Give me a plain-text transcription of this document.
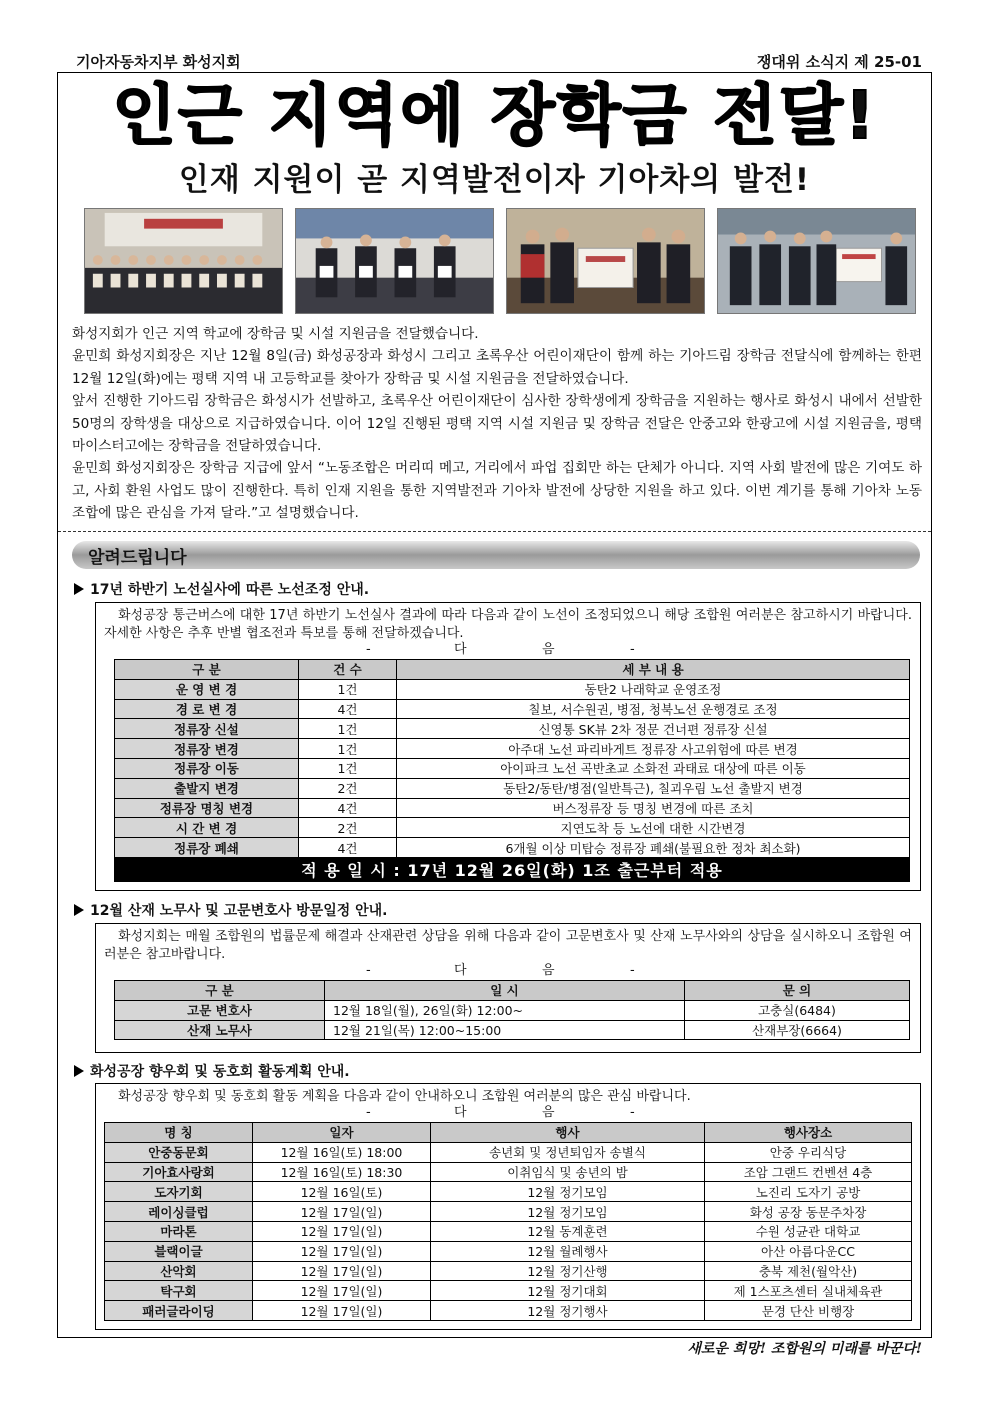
기아자동차지부 화성지회	쟁대위 소식지 제 25-01
인근 지역에 장학금 전달!
인재 지원이 곧 지역발전이자 기아차의 발전!

화성지회가 인근 지역 학교에 장학금 및 시설 지원금을 전달했습니다.

윤민희 화성지회장은 지난 12월 8일(금) 화성공장과 화성시 그리고 초록우산 어린이재단이 함께 하는 기아드림 장학금 전달식에 함께하는 한편 12월 12일(화)에는 평택 지역 내 고등학교를 찾아가 장학금 및 시설 지원금을 전달하였습니다.

앞서 진행한 기아드림 장학금은 화성시가 선발하고, 초록우산 어린이재단이 심사한 장학생에게 장학금을 지원하는 행사로 화성시 내에서 선발한 50명의 장학생을 대상으로 지급하였습니다. 이어 12일 진행된 평택 지역 시설 지원금 및 장학금 전달은 안중고와 한광고에 시설 지원금을, 평택 마이스터고에는 장학금을 전달하였습니다.

윤민희 화성지회장은 장학금 지급에 앞서 “노동조합은 머리띠 메고, 거리에서 파업 집회만 하는 단체가 아니다. 지역 사회 발전에 많은 기여도 하고, 사회 환원 사업도 많이 진행한다. 특히 인재 지원을 통한 지역발전과 기아차 발전에 상당한 지원을 하고 있다. 이번 계기를 통해 기아차 노동조합에 많은 관심을 가져 달라.”고 설명했습니다.

알려드립니다
17년 하반기 노선실사에 따른 노선조정 안내.
화성공장 통근버스에 대한 17년 하반기 노선실사 결과에 따라 다음과 같이 노선이 조정되었으니 해당 조합원 여러분은 참고하시기 바랍니다. 자세한 사항은 추후 반별 협조전과 특보를 통해 전달하겠습니다.
-	다	음	-
구 분	건 수	세 부 내 용
운 영 변 경	1건	동탄2 나래학교 운영조정
경 로 변 경	4건	칠보, 서수원권, 병점, 청북노선 운행경로 조정
정류장 신설	1건	신영통 SK뷰 2차 정문 건너편 정류장 신설
정류장 변경	1건	아주대 노선 파리바게트 정류장 사고위험에 따른 변경
정류장 이동	1건	아이파크 노선 곡반초교 소화전 과태료 대상에 따른 이동
출발지 변경	2건	동탄2/동탄/병점(일반특근), 칠괴우림 노선 출발지 변경
정류장 명칭 변경	4건	버스정류장 등 명칭 변경에 따른 조치
시 간 변 경	2건	지연도착 등 노선에 대한 시간변경
정류장 폐쇄	4건	6개월 이상 미탑승 정류장 폐쇄(불필요한 정차 최소화)
적 용 일 시 : 17년 12월 26일(화) 1조 출근부터 적용		
12월 산재 노무사 및 고문변호사 방문일정 안내.
화성지회는 매월 조합원의 법률문제 해결과 산재관련 상담을 위해 다음과 같이 고문변호사 및 산재 노무사와의 상담을 실시하오니 조합원 여러분은 참고바랍니다.
-	다	음	-
구 분	일 시	문 의
고문 변호사	12월 18일(월), 26일(화) 12:00~	고충실(6484)
산재 노무사	12월 21일(목) 12:00~15:00	산재부장(6664)
화성공장 향우회 및 동호회 활동계획 안내.
화성공장 향우회 및 동호회 활동 계획을 다음과 같이 안내하오니 조합원 여러분의 많은 관심 바랍니다.
-	다	음	-
명 칭	일자	행사	행사장소
안중동문회	12월 16일(토) 18:00	송년회 및 정년퇴임자 송별식	안중 우리식당
기아효사랑회	12월 16일(토) 18:30	이취임식 및 송년의 밤	조암 그랜드 컨벤션 4층
도자기회	12월 16일(토)	12월 정기모임	노진리 도자기 공방
레이싱클럽	12월 17일(일)	12월 정기모임	화성 공장 동문주차장
마라톤	12월 17일(일)	12월 동계훈련	수원 성균관 대학교
블랙이글	12월 17일(일)	12월 월례행사	아산 아름다운CC
산악회	12월 17일(일)	12월 정기산행	충북 제천(월악산)
탁구회	12월 17일(일)	12월 정기대회	제 1스포츠센터 실내체육관
패러글라이딩	12월 17일(일)	12월 정기행사	문경 단산 비행장
새로운 희망! 조합원의 미래를 바꾼다!
